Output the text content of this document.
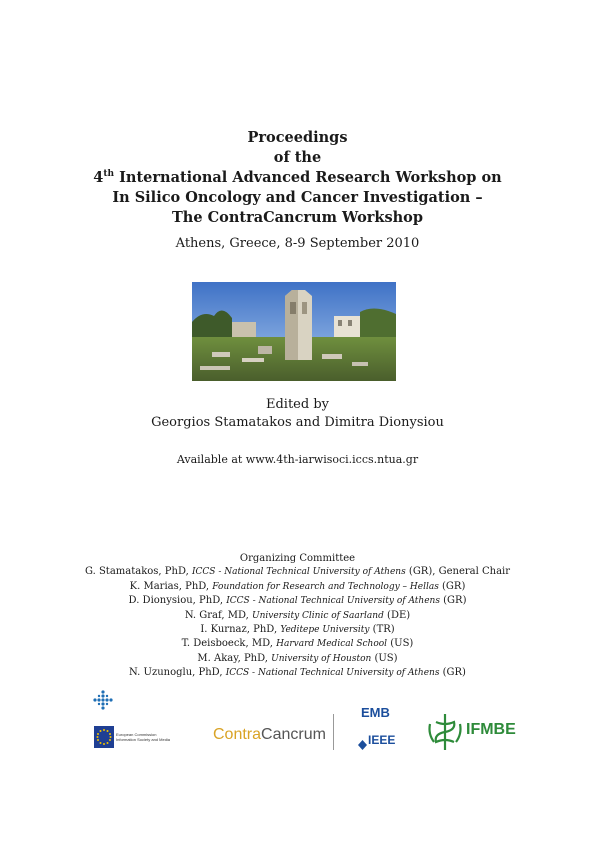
Proceedings
of the
4th International Advanced Research Workshop on
In Silico Oncology and Cancer Investigation –
The ContraCancrum Workshop
Athens, Greece, 8-9 September 2010
Edited by
Georgios Stamatakos and Dimitra Dionysiou
Available at www.4th-iarwisoci.iccs.ntua.gr
Organizing Committee
G. Stamatakos, PhD, ICCS - National Technical University of Athens (GR), General Chair
K. Marias, PhD, Foundation for Research and Technology – Hellas (GR)
D. Dionysiou, PhD, ICCS - National Technical University of Athens (GR)
N. Graf, MD, University Clinic of Saarland (DE)
I. Kurnaz, PhD, Yeditepe University (TR)
T. Deisboeck, MD, Harvard Medical School (US)
M. Akay, PhD, University of Houston (US)
N. Uzunoglu, PhD, ICCS - National Technical University of Athens (GR)
European Commission
Information Society and Media	ContraCancrum
EMB
IEEE
IFMBE
